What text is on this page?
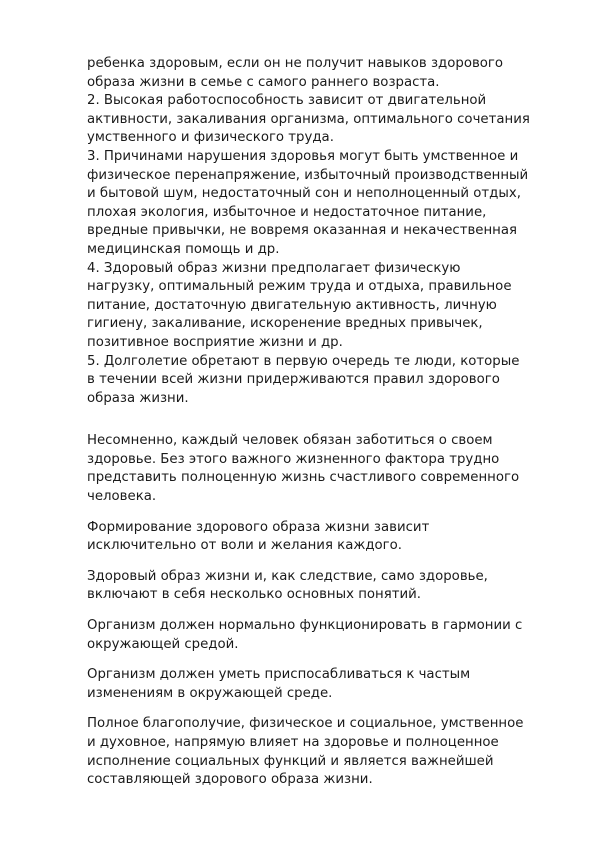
ребенка здоровым, если он не получит навыков здорового
образа жизни в семье с самого раннего возраста.
2. Высокая работоспособность зависит от двигательной
активности, закаливания организма, оптимального сочетания
умственного и физического труда.
3. Причинами нарушения здоровья могут быть умственное и
физическое перенапряжение, избыточный производственный
и бытовой шум, недостаточный сон и неполноценный отдых,
плохая экология, избыточное и недостаточное питание,
вредные привычки, не вовремя оказанная и некачественная
медицинская помощь и др.
4. Здоровый образ жизни предполагает физическую
нагрузку, оптимальный режим труда и отдыха, правильное
питание, достаточную двигательную активность, личную
гигиену, закаливание, искоренение вредных привычек,
позитивное восприятие жизни и др.
5. Долголетие обретают в первую очередь те люди, которые
в течении всей жизни придерживаются правил здорового
образа жизни.
Несомненно, каждый человек обязан заботиться о своем
здоровье. Без этого важного жизненного фактора трудно
представить полноценную жизнь счастливого современного
человека.
Формирование здорового образа жизни зависит
исключительно от воли и желания каждого.
Здоровый образ жизни и, как следствие, само здоровье,
включают в себя несколько основных понятий.
Организм должен нормально функционировать в гармонии с
окружающей средой.
Организм должен уметь приспосабливаться к частым
изменениям в окружающей среде.
Полное благополучие, физическое и социальное, умственное
и духовное, напрямую влияет на здоровье и полноценное
исполнение социальных функций и является важнейшей
составляющей здорового образа жизни.
